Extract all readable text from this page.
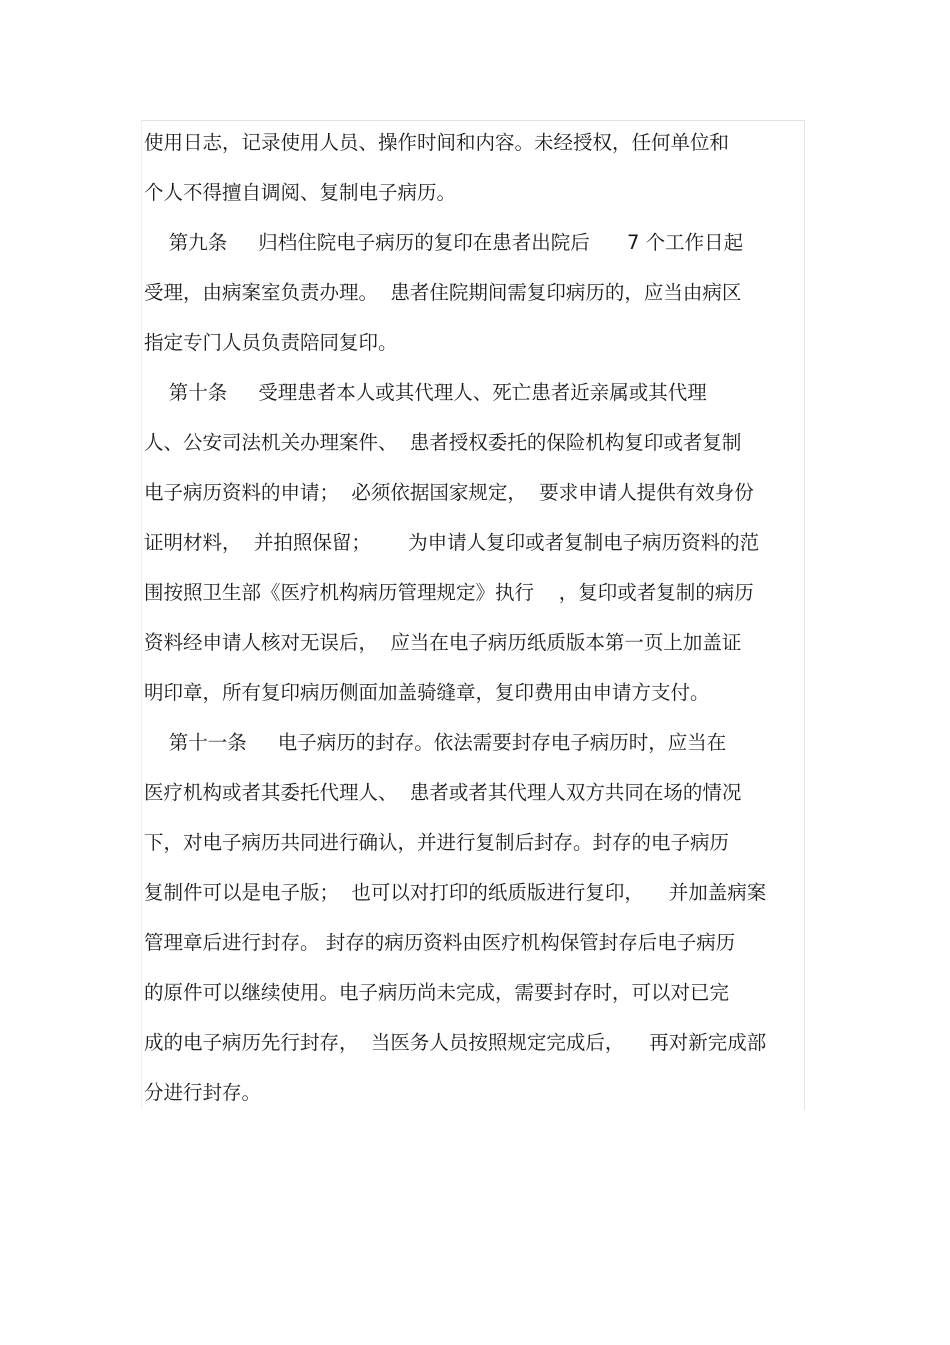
使用日志，记录使用人员、操作时间和内容。未经授权，任何单位和
个人不得擅自调阅、复制电子病历。
第九条     归档住院电子病历的复印在患者出院后      7 个工作日起
受理，由病案室负责办理。  患者住院期间需复印病历的，应当由病区
指定专门人员负责陪同复印。
第十条     受理患者本人或其代理人、死亡患者近亲属或其代理
人、公安司法机关办理案件、  患者授权委托的保险机构复印或者复制
电子病历资料的申请；  必须依据国家规定，  要求申请人提供有效身份
证明材料，  并拍照保留；      为申请人复印或者复制电子病历资料的范
围按照卫生部《医疗机构病历管理规定》执行    ，复印或者复制的病历
资料经申请人核对无误后，  应当在电子病历纸质版本第一页上加盖证
明印章，所有复印病历侧面加盖骑缝章，复印费用由申请方支付。
第十一条     电子病历的封存。依法需要封存电子病历时，应当在
医疗机构或者其委托代理人、  患者或者其代理人双方共同在场的情况
下，对电子病历共同进行确认，并进行复制后封存。封存的电子病历
复制件可以是电子版；  也可以对打印的纸质版进行复印，    并加盖病案
管理章后进行封存。 封存的病历资料由医疗机构保管封存后电子病历
的原件可以继续使用。电子病历尚未完成，需要封存时，可以对已完
成的电子病历先行封存，  当医务人员按照规定完成后，    再对新完成部
分进行封存。
